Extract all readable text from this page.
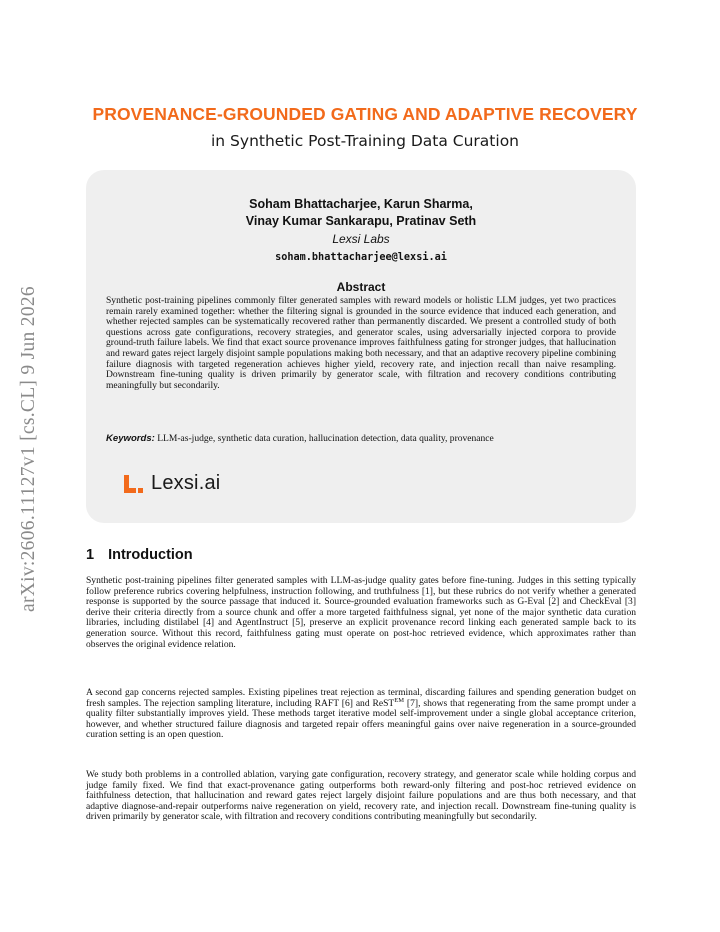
arXiv:2606.11127v1 [cs.CL] 9 Jun 2026
PROVENANCE-GROUNDED GATING AND ADAPTIVE RECOVERY
in Synthetic Post-Training Data Curation
Soham Bhattacharjee, Karun Sharma,
Vinay Kumar Sankarapu, Pratinav Seth
Lexsi Labs
soham.bhattacharjee@lexsi.ai
Abstract
Synthetic post-training pipelines commonly filter generated samples with reward models or holistic LLM judges, yet two practices remain rarely examined together: whether the filtering signal is grounded in the source evidence that induced each generation, and whether rejected samples can be systematically recovered rather than permanently discarded. We present a controlled study of both questions across gate configurations, recovery strategies, and generator scales, using adversarially injected corpora to provide ground-truth failure labels. We find that exact source provenance improves faithfulness gating for stronger judges, that hallucination and reward gates reject largely disjoint sample populations making both necessary, and that an adaptive recovery pipeline combining failure diagnosis with targeted regeneration achieves higher yield, recovery rate, and injection recall than naive resampling. Downstream fine-tuning quality is driven primarily by generator scale, with filtration and recovery conditions contributing meaningfully but secondarily.
Keywords: LLM-as-judge, synthetic data curation, hallucination detection, data quality, provenance
Lexsi.ai
1 Introduction
Synthetic post-training pipelines filter generated samples with LLM-as-judge quality gates before fine-tuning. Judges in this setting typically follow preference rubrics covering helpfulness, instruction following, and truthfulness [1], but these rubrics do not verify whether a generated response is supported by the source passage that induced it. Source-grounded evaluation frameworks such as G-Eval [2] and CheckEval [3] derive their criteria directly from a source chunk and offer a more targeted faithfulness signal, yet none of the major synthetic data curation libraries, including distilabel [4] and AgentInstruct [5], preserve an explicit provenance record linking each generated sample back to its generation source. Without this record, faithfulness gating must operate on post-hoc retrieved evidence, which approximates rather than observes the original evidence relation.
A second gap concerns rejected samples. Existing pipelines treat rejection as terminal, discarding failures and spending generation budget on fresh samples. The rejection sampling literature, including RAFT [6] and ReST$^{EM}$ [7], shows that regenerating from the same prompt under a quality filter substantially improves yield. These methods target iterative model self-improvement under a single global acceptance criterion, however, and whether structured failure diagnosis and targeted repair offers meaningful gains over naive regeneration in a source-grounded curation setting is an open question.
We study both problems in a controlled ablation, varying gate configuration, recovery strategy, and generator scale while holding corpus and judge family fixed. We find that exact-provenance gating outperforms both reward-only filtering and post-hoc retrieved evidence on faithfulness detection, that hallucination and reward gates reject largely disjoint failure populations and are thus both necessary, and that adaptive diagnose-and-repair outperforms naive regeneration on yield, recovery rate, and injection recall. Downstream fine-tuning quality is driven primarily by generator scale, with filtration and recovery conditions contributing meaningfully but secondarily.
